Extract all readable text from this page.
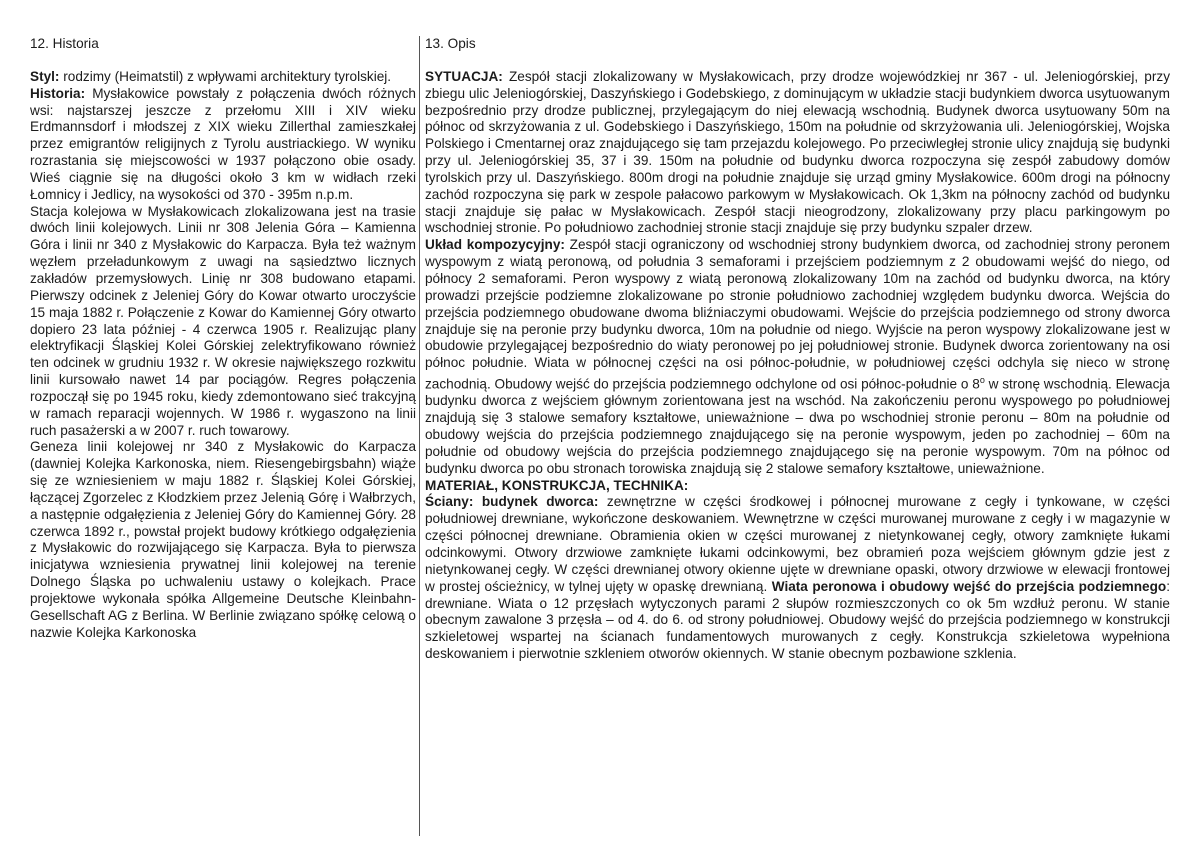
12. Historia

Styl: rodzimy (Heimatstil) z wpływami architektury tyrolskiej.

Historia: Mysłakowice powstały z połączenia dwóch różnych wsi: najstarszej jeszcze z przełomu XIII i XIV wieku Erdmannsdorf i młodszej z XIX wieku Zillerthal zamieszkałej przez emigrantów religijnych z Tyrolu austriackiego. W wyniku rozrastania się miejscowości w 1937 połączono obie osady. Wieś ciągnie się na długości około 3 km w widłach rzeki Łomnicy i Jedlicy, na wysokości od 370 - 395m n.p.m.

Stacja kolejowa w Mysłakowicach zlokalizowana jest na trasie dwóch linii kolejowych. Linii nr 308 Jelenia Góra – Kamienna Góra i linii nr 340 z Mysłakowic do Karpacza. Była też ważnym węzłem przeładunkowym z uwagi na sąsiedztwo licznych zakładów przemysłowych. Linię nr 308 budowano etapami. Pierwszy odcinek z Jeleniej Góry do Kowar otwarto uroczyście 15 maja 1882 r. Połączenie z Kowar do Kamiennej Góry otwarto dopiero 23 lata później - 4 czerwca 1905 r. Realizując plany elektryfikacji Śląskiej Kolei Górskiej zelektryfikowano również ten odcinek w grudniu 1932 r. W okresie największego rozkwitu linii kursowało nawet 14 par pociągów. Regres połączenia rozpoczął się po 1945 roku, kiedy zdemontowano sieć trakcyjną w ramach reparacji wojennych. W 1986 r. wygaszono na linii ruch pasażerski a w 2007 r. ruch towarowy.

Geneza linii kolejowej nr 340 z Mysłakowic do Karpacza (dawniej Kolejka Karkonoska, niem. Riesengebirgsbahn) wiąże się ze wzniesieniem w maju 1882 r. Śląskiej Kolei Górskiej, łączącej Zgorzelec z Kłodzkiem przez Jelenią Górę i Wałbrzych, a następnie odgałęzienia z Jeleniej Góry do Kamiennej Góry. 28 czerwca 1892 r., powstał projekt budowy krótkiego odgałęzienia z Mysłakowic do rozwijającego się Karpacza. Była to pierwsza inicjatywa wzniesienia prywatnej linii kolejowej na terenie Dolnego Śląska po uchwaleniu ustawy o kolejkach. Prace projektowe wykonała spółka Allgemeine Deutsche Kleinbahn-Gesellschaft AG z Berlina. W Berlinie związano spółkę celową o nazwie Kolejka Karkonoska

13. Opis

SYTUACJA: Zespół stacji zlokalizowany w Mysłakowicach, przy drodze wojewódzkiej nr 367 - ul. Jeleniogórskiej, przy zbiegu ulic Jeleniogórskiej, Daszyńskiego i Godebskiego, z dominującym w układzie stacji budynkiem dworca usytuowanym bezpośrednio przy drodze publicznej, przylegającym do niej elewacją wschodnią. Budynek dworca usytuowany 50m na północ od skrzyżowania z ul. Godebskiego i Daszyńskiego, 150m na południe od skrzyżowania uli. Jeleniogórskiej, Wojska Polskiego i Cmentarnej oraz znajdującego się tam przejazdu kolejowego. Po przeciwległej stronie ulicy znajdują się budynki przy ul. Jeleniogórskiej 35, 37 i 39. 150m na południe od budynku dworca rozpoczyna się zespół zabudowy domów tyrolskich przy ul. Daszyńskiego. 800m drogi na południe znajduje się urząd gminy Mysłakowice. 600m drogi na północny zachód rozpoczyna się park w zespole pałacowo parkowym w Mysłakowicach. Ok 1,3km na północny zachód od budynku stacji znajduje się pałac w Mysłakowicach. Zespół stacji nieogrodzony, zlokalizowany przy placu parkingowym po wschodniej stronie. Po południowo zachodniej stronie stacji znajduje się przy budynku szpaler drzew.

Układ kompozycyjny: Zespół stacji ograniczony od wschodniej strony budynkiem dworca, od zachodniej strony peronem wyspowym z wiatą peronową, od południa 3 semaforami i przejściem podziemnym z 2 obudowami wejść do niego, od północy 2 semaforami. Peron wyspowy z wiatą peronową zlokalizowany 10m na zachód od budynku dworca, na który prowadzi przejście podziemne zlokalizowane po stronie południowo zachodniej względem budynku dworca. Wejścia do przejścia podziemnego obudowane dwoma bliźniaczymi obudowami. Wejście do przejścia podziemnego od strony dworca znajduje się na peronie przy budynku dworca, 10m na południe od niego. Wyjście na peron wyspowy zlokalizowane jest w obudowie przylegającej bezpośrednio do wiaty peronowej po jej południowej stronie. Budynek dworca zorientowany na osi północ południe. Wiata w północnej części na osi północ-południe, w południowej części odchyla się nieco w stronę zachodnią. Obudowy wejść do przejścia podziemnego odchylone od osi północ-południe o 8$^o$ w stronę wschodnią. Elewacja budynku dworca z wejściem głównym zorientowana jest na wschód. Na zakończeniu peronu wyspowego po południowej znajdują się 3 stalowe semafory kształtowe, unieważnione – dwa po wschodniej stronie peronu – 80m na południe od obudowy wejścia do przejścia podziemnego znajdującego się na peronie wyspowym, jeden po zachodniej – 60m na południe od obudowy wejścia do przejścia podziemnego znajdującego się na peronie wyspowym. 70m na północ od budynku dworca po obu stronach torowiska znajdują się 2 stalowe semafory kształtowe, unieważnione.

MATERIAŁ, KONSTRUKCJA, TECHNIKA:

Ściany: budynek dworca: zewnętrzne w części środkowej i północnej murowane z cegły i tynkowane, w części południowej drewniane, wykończone deskowaniem. Wewnętrzne w części murowanej murowane z cegły i w magazynie w części północnej drewniane. Obramienia okien w części murowanej z nietynkowanej cegły, otwory zamknięte łukami odcinkowymi. Otwory drzwiowe zamknięte łukami odcinkowymi, bez obramień poza wejściem głównym gdzie jest z nietynkowanej cegły. W części drewnianej otwory okienne ujęte w drewniane opaski, otwory drzwiowe w elewacji frontowej w prostej ościeżnicy, w tylnej ujęty w opaskę drewnianą. Wiata peronowa i obudowy wejść do przejścia podziemnego: drewniane. Wiata o 12 przęsłach wytyczonych parami 2 słupów rozmieszczonych co ok 5m wzdłuż peronu. W stanie obecnym zawalone 3 przęsła – od 4. do 6. od strony południowej. Obudowy wejść do przejścia podziemnego w konstrukcji szkieletowej wspartej na ścianach fundamentowych murowanych z cegły. Konstrukcja szkieletowa wypełniona deskowaniem i pierwotnie szkleniem otworów okiennych. W stanie obecnym pozbawione szklenia.
